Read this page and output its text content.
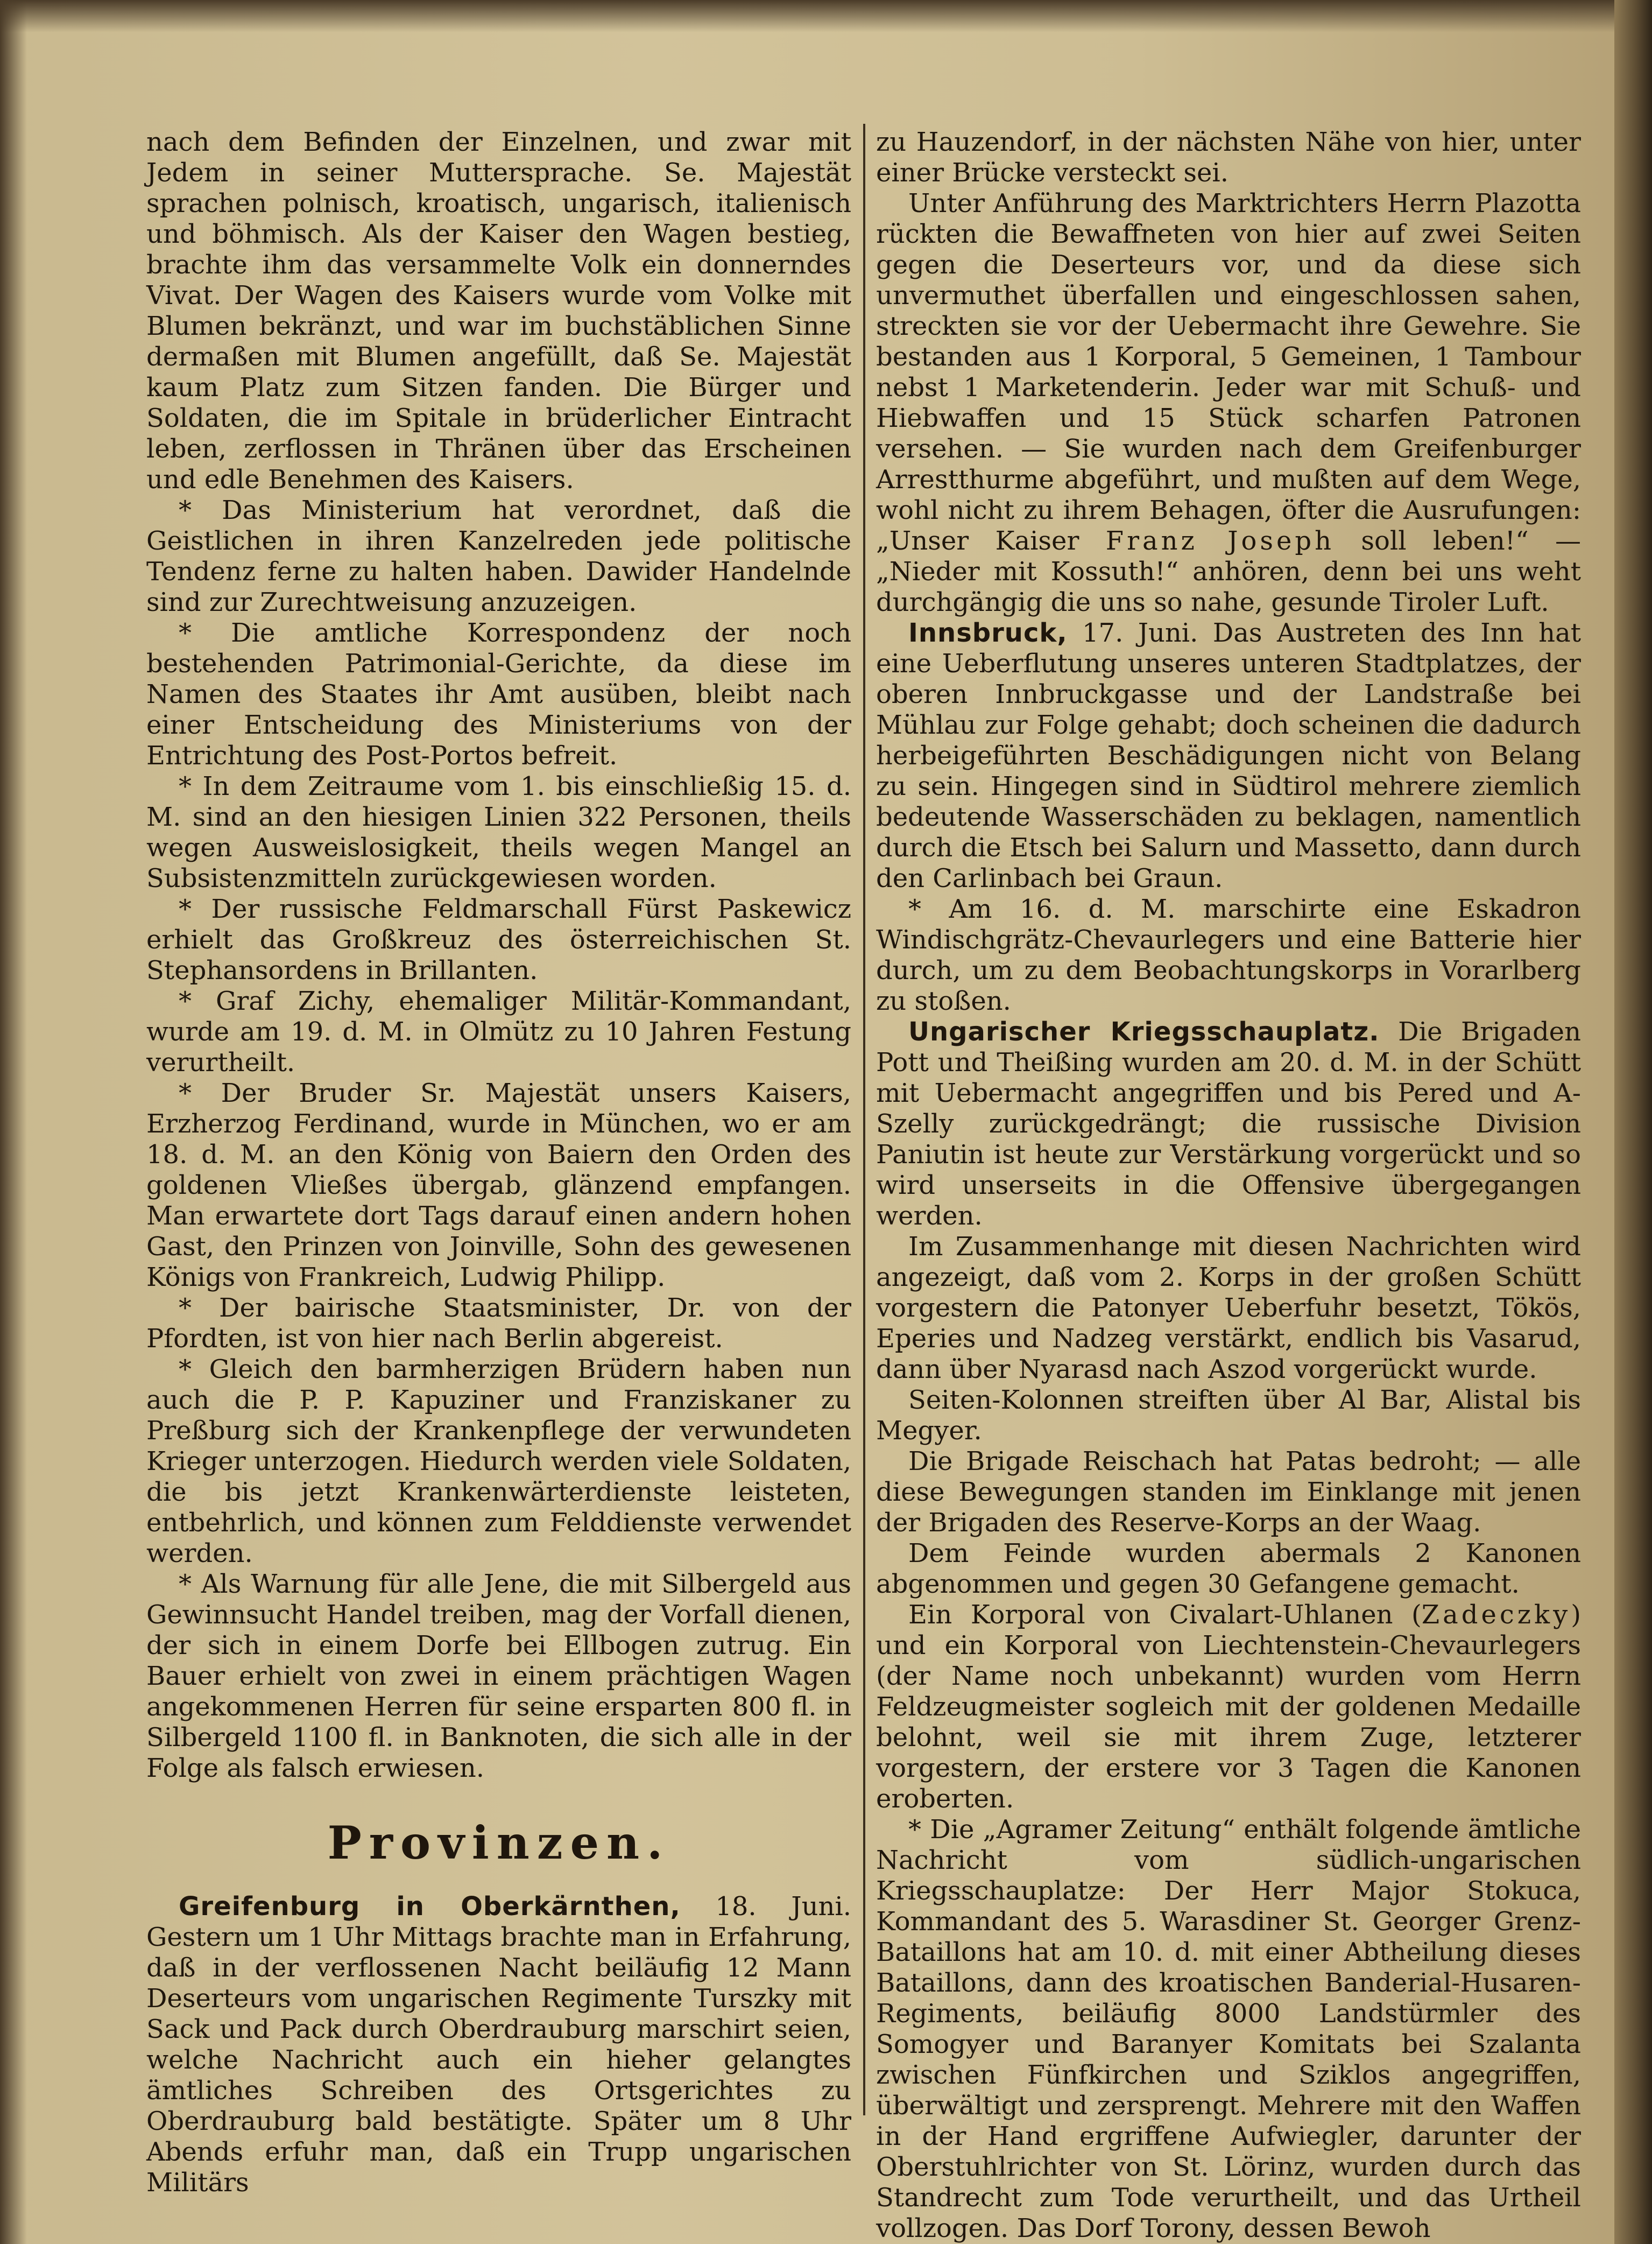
nach dem Befinden der Einzelnen, und zwar mit Jedem in seiner Muttersprache. Se. Majestät sprachen polnisch, kroatisch, ungarisch, italienisch und böhmisch. Als der Kaiser den Wagen bestieg, brachte ihm das versammelte Volk ein donnerndes Vivat. Der Wagen des Kaisers wurde vom Volke mit Blumen bekränzt, und war im buchstäblichen Sinne dermaßen mit Blumen angefüllt, daß Se. Majestät kaum Platz zum Sitzen fanden. Die Bürger und Soldaten, die im Spitale in brüderlicher Eintracht leben, zerflossen in Thränen über das Erscheinen und edle Benehmen des Kaisers.

* Das Ministerium hat verordnet, daß die Geistlichen in ihren Kanzelreden jede politische Tendenz ferne zu halten haben. Dawider Handelnde sind zur Zurechtweisung anzuzeigen.

* Die amtliche Korrespondenz der noch bestehenden Patrimonial-Gerichte, da diese im Namen des Staates ihr Amt ausüben, bleibt nach einer Entscheidung des Ministeriums von der Entrichtung des Post-Portos befreit.

* In dem Zeitraume vom 1. bis einschließig 15. d. M. sind an den hiesigen Linien 322 Personen, theils wegen Ausweislosigkeit, theils wegen Mangel an Subsistenzmitteln zurückgewiesen worden.

* Der russische Feldmarschall Fürst Paskewicz erhielt das Großkreuz des österreichischen St. Stephansordens in Brillanten.

* Graf Zichy, ehemaliger Militär-Kommandant, wurde am 19. d. M. in Olmütz zu 10 Jahren Festung verurtheilt.

* Der Bruder Sr. Majestät unsers Kaisers, Erzherzog Ferdinand, wurde in München, wo er am 18. d. M. an den König von Baiern den Orden des goldenen Vließes übergab, glänzend empfangen. Man erwartete dort Tags darauf einen andern hohen Gast, den Prinzen von Joinville, Sohn des gewesenen Königs von Frankreich, Ludwig Philipp.

* Der bairische Staatsminister, Dr. von der Pfordten, ist von hier nach Berlin abgereist.

* Gleich den barmherzigen Brüdern haben nun auch die P. P. Kapuziner und Franziskaner zu Preßburg sich der Krankenpflege der verwundeten Krieger unterzogen. Hiedurch werden viele Soldaten, die bis jetzt Krankenwärterdienste leisteten, entbehrlich, und können zum Felddienste verwendet werden.

* Als Warnung für alle Jene, die mit Silbergeld aus Gewinnsucht Handel treiben, mag der Vorfall dienen, der sich in einem Dorfe bei Ellbogen zutrug. Ein Bauer erhielt von zwei in einem prächtigen Wagen angekommenen Herren für seine ersparten 800 fl. in Silbergeld 1100 fl. in Banknoten, die sich alle in der Folge als falsch erwiesen.

Provinzen.

Greifenburg in Oberkärnthen, 18. Juni. Gestern um 1 Uhr Mittags brachte man in Erfahrung, daß in der verflossenen Nacht beiläufig 12 Mann Deserteurs vom ungarischen Regimente Turszky mit Sack und Pack durch Oberdrauburg marschirt seien, welche Nachricht auch ein hieher gelangtes ämtliches Schreiben des Ortsgerichtes zu Oberdrauburg bald bestätigte. Später um 8 Uhr Abends erfuhr man, daß ein Trupp ungarischen Militärs

zu Hauzendorf, in der nächsten Nähe von hier, unter einer Brücke versteckt sei.

Unter Anführung des Marktrichters Herrn Plazotta rückten die Bewaffneten von hier auf zwei Seiten gegen die Deserteurs vor, und da diese sich unvermuthet überfallen und eingeschlossen sahen, streckten sie vor der Uebermacht ihre Gewehre. Sie bestanden aus 1 Korporal, 5 Gemeinen, 1 Tambour nebst 1 Marketenderin. Jeder war mit Schuß- und Hiebwaffen und 15 Stück scharfen Patronen versehen. — Sie wurden nach dem Greifenburger Arrestthurme abgeführt, und mußten auf dem Wege, wohl nicht zu ihrem Behagen, öfter die Ausrufungen: „Unser Kaiser Franz Joseph soll leben!“ — „Nieder mit Kossuth!“ anhören, denn bei uns weht durchgängig die uns so nahe, gesunde Tiroler Luft.

Innsbruck, 17. Juni. Das Austreten des Inn hat eine Ueberflutung unseres unteren Stadtplatzes, der oberen Innbruckgasse und der Landstraße bei Mühlau zur Folge gehabt; doch scheinen die dadurch herbeigeführten Beschädigungen nicht von Belang zu sein. Hingegen sind in Südtirol mehrere ziemlich bedeutende Wasserschäden zu beklagen, namentlich durch die Etsch bei Salurn und Massetto, dann durch den Carlinbach bei Graun.

* Am 16. d. M. marschirte eine Eskadron Windischgrätz-Chevaurlegers und eine Batterie hier durch, um zu dem Beobachtungskorps in Vorarlberg zu stoßen.

Ungarischer Kriegsschauplatz. Die Brigaden Pott und Theißing wurden am 20. d. M. in der Schütt mit Uebermacht angegriffen und bis Pered und A-Szelly zurückgedrängt; die russische Division Paniutin ist heute zur Verstärkung vorgerückt und so wird unserseits in die Offensive übergegangen werden.

Im Zusammenhange mit diesen Nachrichten wird angezeigt, daß vom 2. Korps in der großen Schütt vorgestern die Patonyer Ueberfuhr besetzt, Tökös, Eperies und Nadzeg verstärkt, endlich bis Vasarud, dann über Nyarasd nach Aszod vorgerückt wurde.

Seiten-Kolonnen streiften über Al Bar, Alistal bis Megyer.

Die Brigade Reischach hat Patas bedroht; — alle diese Bewegungen standen im Einklange mit jenen der Brigaden des Reserve-Korps an der Waag.

Dem Feinde wurden abermals 2 Kanonen abgenommen und gegen 30 Gefangene gemacht.

Ein Korporal von Civalart-Uhlanen (Zadeczky) und ein Korporal von Liechtenstein-Chevaurlegers (der Name noch unbekannt) wurden vom Herrn Feldzeugmeister sogleich mit der goldenen Medaille belohnt, weil sie mit ihrem Zuge, letzterer vorgestern, der erstere vor 3 Tagen die Kanonen eroberten.

* Die „Agramer Zeitung“ enthält folgende ämtliche Nachricht vom südlich-ungarischen Kriegsschauplatze: Der Herr Major Stokuca, Kommandant des 5. Warasdiner St. Georger Grenz-Bataillons hat am 10. d. mit einer Abtheilung dieses Bataillons, dann des kroatischen Banderial-Husaren-Regiments, beiläufig 8000 Landstürmler des Somogyer und Baranyer Komitats bei Szalanta zwischen Fünfkirchen und Sziklos angegriffen, überwältigt und zersprengt. Mehrere mit den Waffen in der Hand ergriffene Aufwiegler, darunter der Oberstuhlrichter von St. Lörinz, wurden durch das Standrecht zum Tode verurtheilt, und das Urtheil vollzogen. Das Dorf Torony, dessen Bewoh
